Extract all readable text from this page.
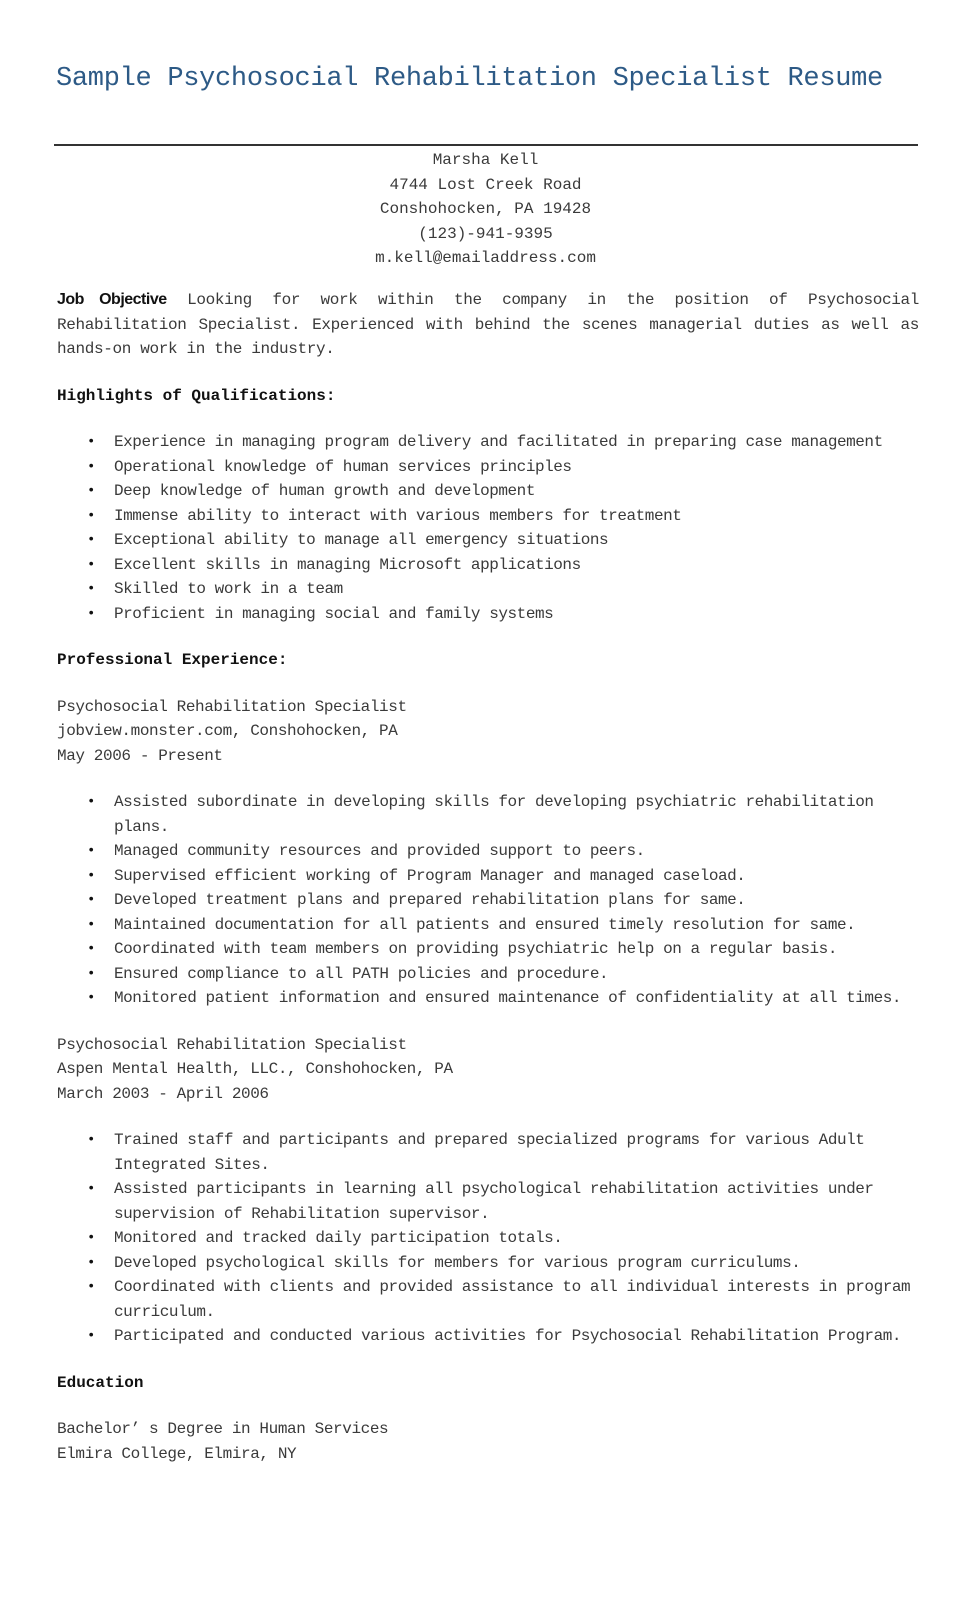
Sample Psychosocial Rehabilitation Specialist Resume
Marsha Kell
4744 Lost Creek Road
Conshohocken, PA 19428
(123)-941-9395
m.kell@emailaddress.com

Job Objective Looking for work within the company in the position of Psychosocial Rehabilitation Specialist. Experienced with behind the scenes managerial duties as well as hands-on work in the industry.

Highlights of Qualifications:
• Experience in managing program delivery and facilitated in preparing case management
• Operational knowledge of human services principles
• Deep knowledge of human growth and development
• Immense ability to interact with various members for treatment
• Exceptional ability to manage all emergency situations
• Excellent skills in managing Microsoft applications
• Skilled to work in a team
• Proficient in managing social and family systems
Professional Experience:
Psychosocial Rehabilitation Specialist
jobview.monster.com, Conshohocken, PA
May 2006 - Present
• Assisted subordinate in developing skills for developing psychiatric rehabilitation plans.
• Managed community resources and provided support to peers.
• Supervised efficient working of Program Manager and managed caseload.
• Developed treatment plans and prepared rehabilitation plans for same.
• Maintained documentation for all patients and ensured timely resolution for same.
• Coordinated with team members on providing psychiatric help on a regular basis.
• Ensured compliance to all PATH policies and procedure.
• Monitored patient information and ensured maintenance of confidentiality at all times.
Psychosocial Rehabilitation Specialist
Aspen Mental Health, LLC., Conshohocken, PA
March 2003 - April 2006
• Trained staff and participants and prepared specialized programs for various Adult Integrated Sites.
• Assisted participants in learning all psychological rehabilitation activities under supervision of Rehabilitation supervisor.
• Monitored and tracked daily participation totals.
• Developed psychological skills for members for various program curriculums.
• Coordinated with clients and provided assistance to all individual interests in program curriculum.
• Participated and conducted various activities for Psychosocial Rehabilitation Program.
Education
Bachelor’ s Degree in Human Services
Elmira College, Elmira, NY
